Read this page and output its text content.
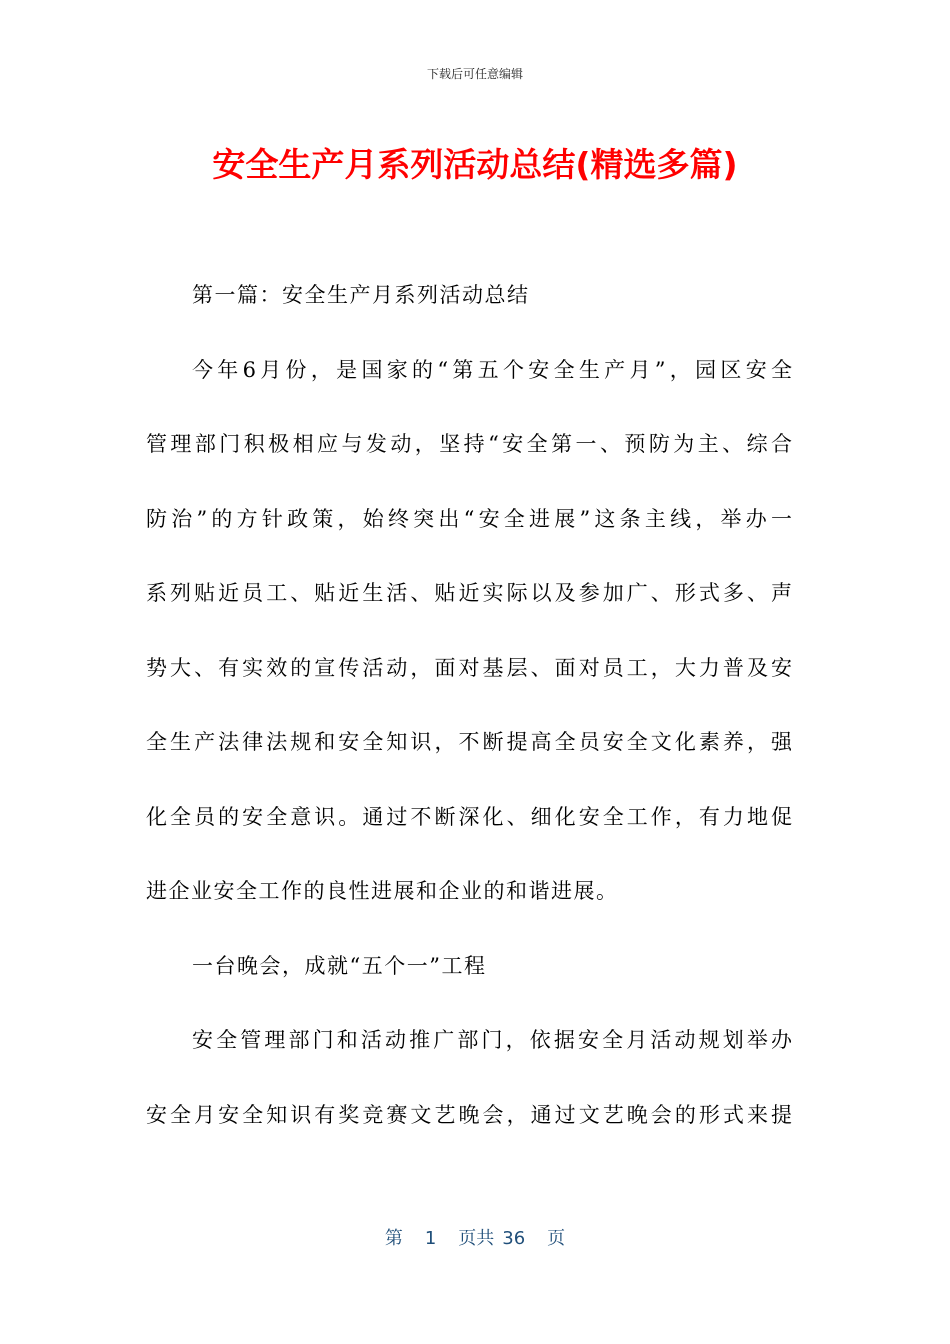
下载后可任意编辑
安全生产月系列活动总结(精选多篇)
第一篇：安全生产月系列活动总结
今年6月份，是国家的“第五个安全生产月”，园区安全
管理部门积极相应与发动，坚持“安全第一、预防为主、综合
防治”的方针政策，始终突出“安全进展”这条主线，举办一
系列贴近员工、贴近生活、贴近实际以及参加广、形式多、声
势大、有实效的宣传活动，面对基层、面对员工，大力普及安
全生产法律法规和安全知识，不断提高全员安全文化素养，强
化全员的安全意识。通过不断深化、细化安全工作，有力地促
进企业安全工作的良性进展和企业的和谐进展。
一台晚会，成就“五个一”工程
安全管理部门和活动推广部门，依据安全月活动规划举办
安全月安全知识有奖竞赛文艺晚会，通过文艺晚会的形式来提
第 1 页共 36 页
